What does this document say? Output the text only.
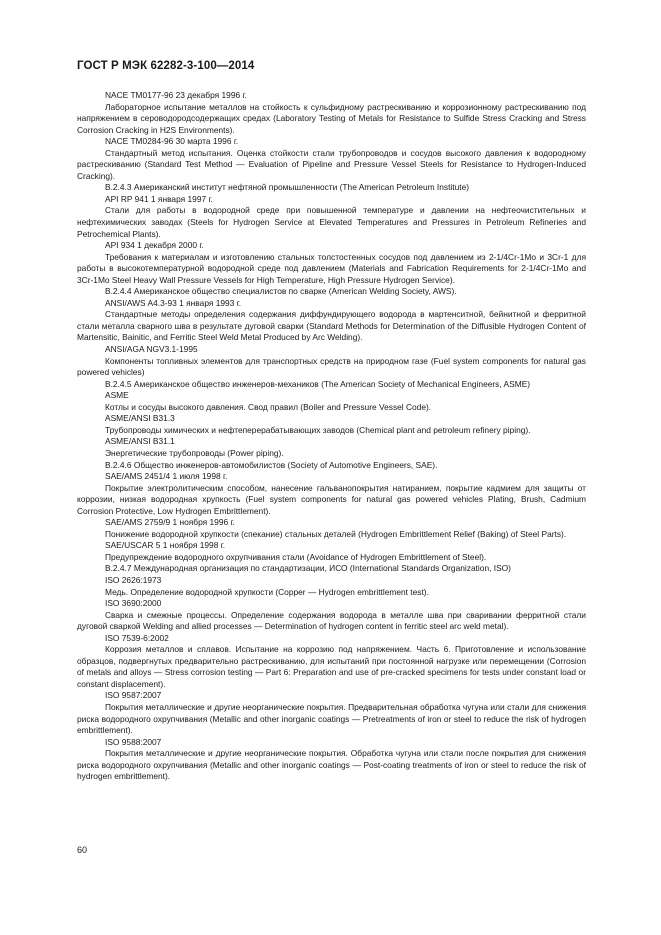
ГОСТ Р МЭК 62282-3-100—2014

NACE TM0177-96 23 декабря 1996 г.

Лабораторное испытание металлов на стойкость к сульфидному растрескиванию и коррозионному растрескиванию под напряжением в сероводородсодержащих средах (Laboratory Testing of Metals for Resistance to Sulfide Stress Cracking and Stress Corrosion Cracking in H2S Environments).

NACE TM0284-96 30 марта 1996 г.

Стандартный метод испытания. Оценка стойкости стали трубопроводов и сосудов высокого давления к водородному растрескиванию (Standard Test Method — Evaluation of Pipeline and Pressure Vessel Steels for Resistance to Hydrogen-Induced Cracking).

В.2.4.3 Американский институт нефтяной промышленности (The American Petroleum Institute)

API RP 941 1 января 1997 г.

Стали для работы в водородной среде при повышенной температуре и давлении на нефтеочистительных и нефтехимических заводах (Steels for Hydrogen Service at Elevated Temperatures and Pressures in Petroleum Refineries and Petrochemical Plants).

API 934 1 декабря 2000 г.

Требования к материалам и изготовлению стальных толстостенных сосудов под давлением из 2-1/4Cr-1Mo и 3Cr-1 для работы в высокотемпературной водородной среде под давлением (Materials and Fabrication Requirements for 2-1/4Cr-1Mo and 3Cr-1Mo Steel Heavy Wall Pressure Vessels for High Temperature, High Pressure Hydrogen Service).

В.2.4.4 Американское общество специалистов по сварке (American Welding Society, AWS).

ANSI/AWS A4.3-93 1 января 1993 г.

Стандартные методы определения содержания диффундирующего водорода в мартенситной, бейнитной и ферритной стали металла сварного шва в результате дуговой сварки (Standard Methods for Determination of the Diffusible Hydrogen Content of Martensitic, Bainitic, and Ferritic Steel Weld Metal Produced by Arc Welding).

ANSI/AGA NGV3.1-1995

Компоненты топливных элементов для транспортных средств на природном газе (Fuel system components for natural gas powered vehicles)

В.2.4.5 Американское общество инженеров-механиков (The American Society of Mechanical Engineers, ASME)

ASME

Котлы и сосуды высокого давления. Свод правил (Boiler and Pressure Vessel Code).

ASME/ANSI B31.3

Трубопроводы химических и нефтеперерабатывающих заводов (Chemical plant and petroleum refinery piping).

ASME/ANSI B31.1

Энергетические трубопроводы (Power piping).

В.2.4.6 Общество инженеров-автомобилистов (Society of Automotive Engineers, SAE).

SAE/AMS 2451/4 1 июля 1998 г.

Покрытие электролитическим способом, нанесение гальванопокрытия натиранием, покрытие кадмием для защиты от коррозии, низкая водородная хрупкость (Fuel system components for natural gas powered vehicles Plating, Brush, Cadmium Corrosion Protective, Low Hydrogen Embrittlement).

SAE/AMS 2759/9 1 ноября 1996 г.

Понижение водородной хрупкости (спекание) стальных деталей (Hydrogen Embrittlement Relief (Baking) of Steel Parts).

SAE/USCAR 5 1 ноября 1998 г.

Предупреждение водородного охрупчивания стали (Avoidance of Hydrogen Embrittlement of Steel).

В.2.4.7 Международная организация по стандартизации, ИСО (International Standards Organization, ISO)

ISO 2626:1973

Медь. Определение водородной хрупкости (Copper — Hydrogen embrittlement test).

ISO 3690:2000

Сварка и смежные процессы. Определение содержания водорода в металле шва при сваривании ферритной стали дуговой сваркой Welding and allied processes — Determination of hydrogen content in ferritic steel arc weld metal).

ISO 7539-6:2002

Коррозия металлов и сплавов. Испытание на коррозию под напряжением. Часть 6. Приготовление и использование образцов, подвергнутых предварительно растрескиванию, для испытаний при постоянной нагрузке или перемещении (Corrosion of metals and alloys — Stress corrosion testing — Part 6: Preparation and use of pre-cracked specimens for tests under constant load or constant displacement).

ISO 9587:2007

Покрытия металлические и другие неорганические покрытия. Предварительная обработка чугуна или стали для снижения риска водородного охрупчивания (Metallic and other inorganic coatings — Pretreatments of iron or steel to reduce the risk of hydrogen embrittlement).

ISO 9588:2007

Покрытия металлические и другие неорганические покрытия. Обработка чугуна или стали после покрытия для снижения риска водородного охрупчивания (Metallic and other inorganic coatings — Post-coating treatments of iron or steel to reduce the risk of hydrogen embrittlement).

60
